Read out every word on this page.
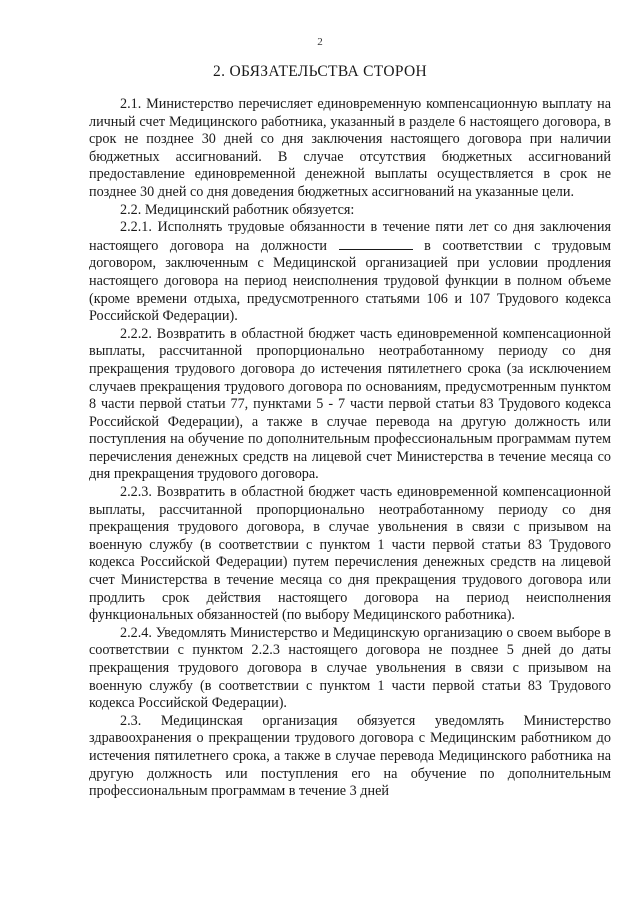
2
2. ОБЯЗАТЕЛЬСТВА СТОРОН

2.1. Министерство перечисляет единовременную компенсационную выплату на личный счет Медицинского работника, указанный в разделе 6 настоящего договора, в срок не позднее 30 дней со дня заключения настоящего договора при наличии бюджетных ассигнований. В случае отсутствия бюджетных ассигнований предоставление единовременной денежной выплаты осуществляется в срок не позднее 30 дней со дня доведения бюджетных ассигнований на указанные цели.

2.2. Медицинский работник обязуется:

2.2.1. Исполнять трудовые обязанности в течение пяти лет со дня заключения настоящего договора на должности	в соответствии с трудовым договором, заключенным с Медицинской организацией при условии продления настоящего договора на период неисполнения трудовой функции в полном объеме (кроме времени отдыха, предусмотренного статьями 106 и 107 Трудового кодекса Российской Федерации).

2.2.2. Возвратить в областной бюджет часть единовременной компенсационной выплаты, рассчитанной пропорционально неотработанному периоду со дня прекращения трудового договора до истечения пятилетнего срока (за исключением случаев прекращения трудового договора по основаниям, предусмотренным пунктом 8 части первой статьи 77, пунктами 5 - 7 части первой статьи 83 Трудового кодекса Российской Федерации), а также в случае перевода на другую должность или поступления на обучение по дополнительным профессиональным программам путем перечисления денежных средств на лицевой счет Министерства в течение месяца со дня прекращения трудового договора.

2.2.3. Возвратить в областной бюджет часть единовременной компенсационной выплаты, рассчитанной пропорционально неотработанному периоду со дня прекращения трудового договора, в случае увольнения в связи с призывом на военную службу (в соответствии с пунктом 1 части первой статьи 83 Трудового кодекса Российской Федерации) путем перечисления денежных средств на лицевой счет Министерства в течение месяца со дня прекращения трудового договора или продлить срок действия настоящего договора на период неисполнения функциональных обязанностей (по выбору Медицинского работника).

2.2.4. Уведомлять Министерство и Медицинскую организацию о своем выборе в соответствии с пунктом 2.2.3 настоящего договора не позднее 5 дней до даты прекращения трудового договора в случае увольнения в связи с призывом на военную службу (в соответствии с пунктом 1 части первой статьи 83 Трудового кодекса Российской Федерации).

2.3. Медицинская организация обязуется уведомлять Министерство здравоохранения о прекращении трудового договора с Медицинским работником до истечения пятилетнего срока, а также в случае перевода Медицинского работника на другую должность или поступления его на обучение по дополнительным профессиональным программам в течение 3 дней
